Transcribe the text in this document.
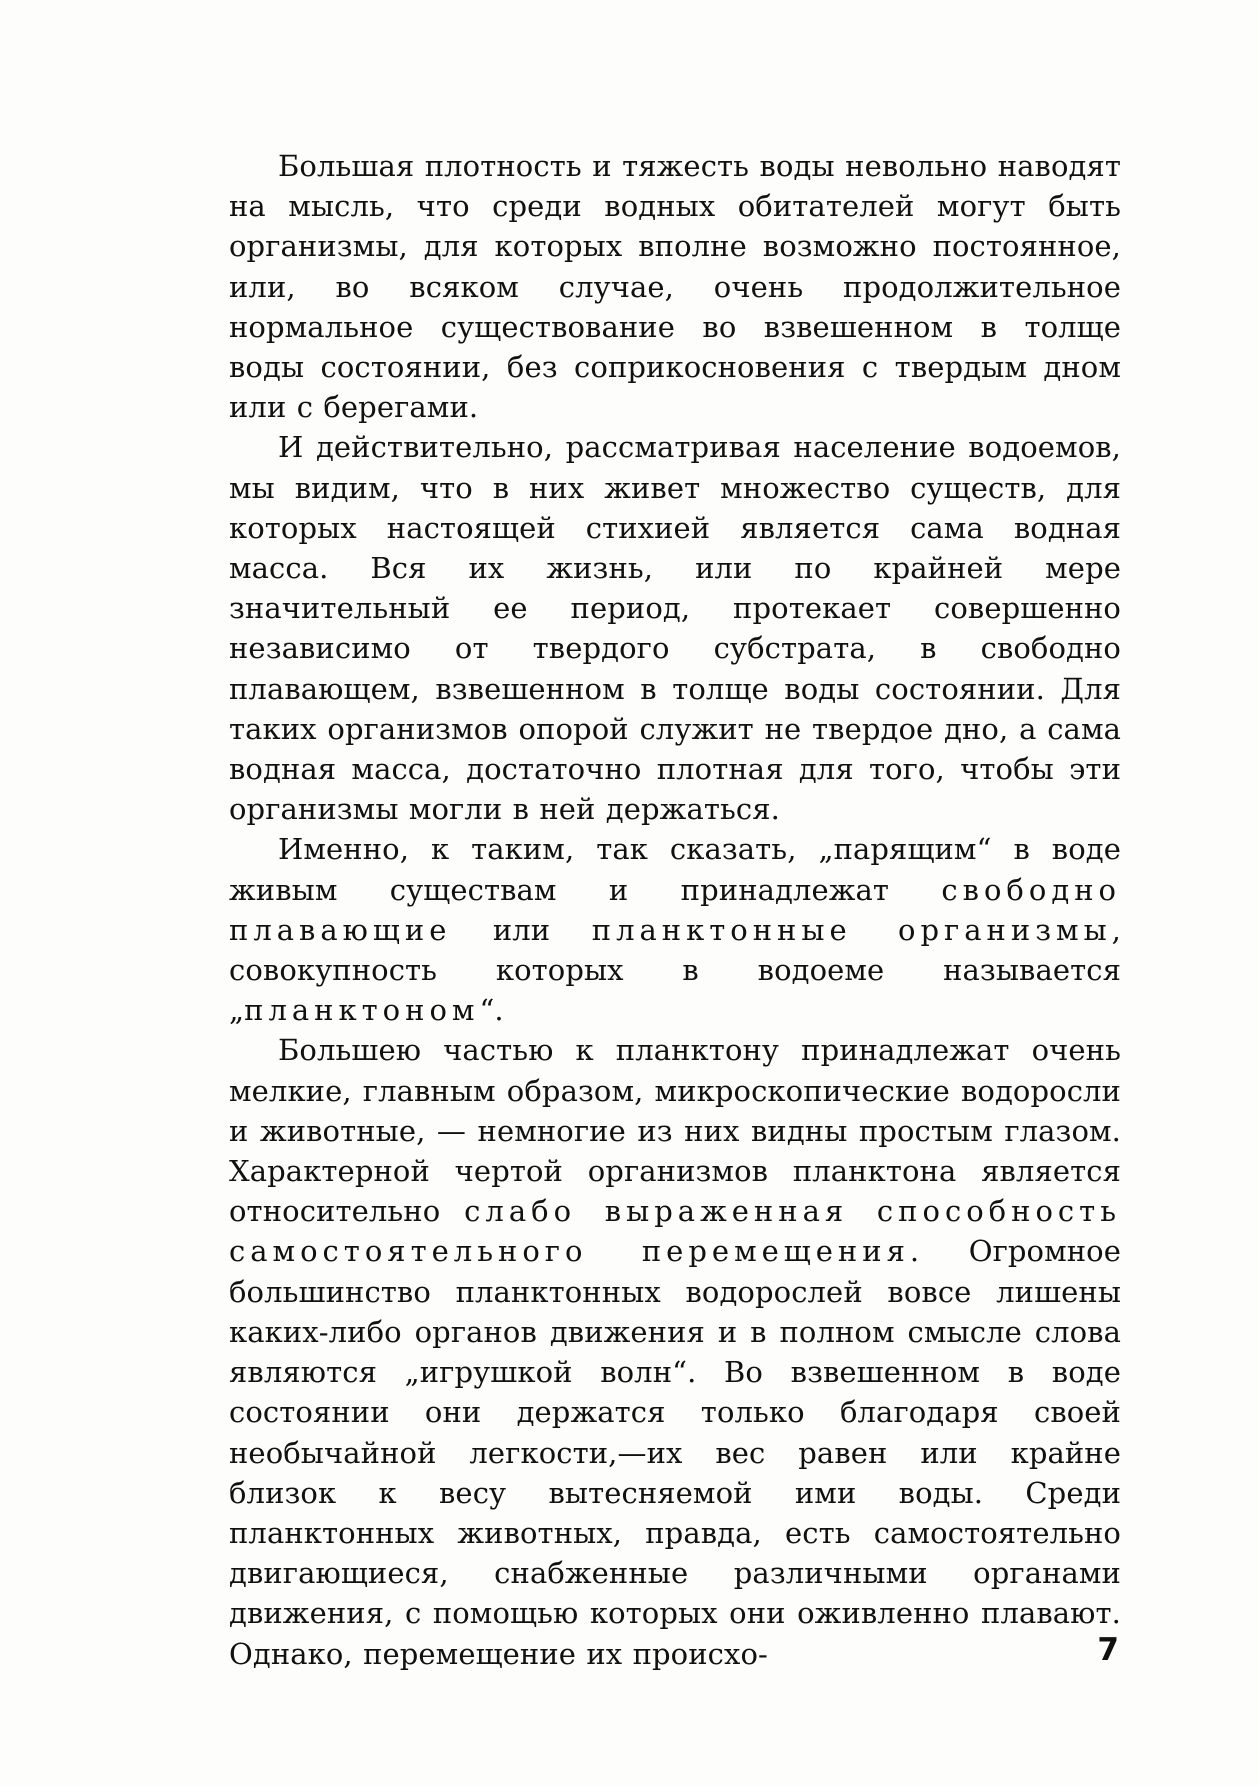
Большая плотность и тяжесть воды невольно наводят на мысль, что среди водных обитателей могут быть организмы, для которых вполне возможно постоянное, или, во всяком случае, очень продолжительное нормальное существование во взвешенном в толще воды состоянии, без соприкосновения с твердым дном или с берегами.

И действительно, рассматривая население водоемов, мы видим, что в них живет множество существ, для которых настоящей стихией является сама водная масса. Вся их жизнь, или по крайней мере значительный ее период, протекает совершенно независимо от твердого субстрата, в свободно плавающем, взвешенном в толще воды состоянии. Для таких организмов опорой служит не твердое дно, а сама водная масса, достаточно плотная для того, чтобы эти организмы могли в ней держаться.

Именно, к таким, так сказать, „парящим“ в воде живым существам и принадлежат свободно плавающие или планктонные организмы, совокупность которых в водоеме называется „планктоном“.

Большею частью к планктону принадлежат очень мелкие, главным образом, микроскопические водоросли и животные, — немногие из них видны простым глазом. Характерной чертой организмов планктона является относительно слабо выраженная способность самостоятельного перемещения. Огромное большинство планктонных водорослей вовсе лишены каких-либо органов движения и в полном смысле слова являются „игрушкой волн“. Во взвешенном в воде состоянии они держатся только благодаря своей необычайной легкости,—их вес равен или крайне близок к весу вытесняемой ими воды. Среди планктонных животных, правда, есть самостоятельно двигающиеся, снабженные различными органами движения, с помощью которых они оживленно плавают. Однако, перемещение их происхо-	7
